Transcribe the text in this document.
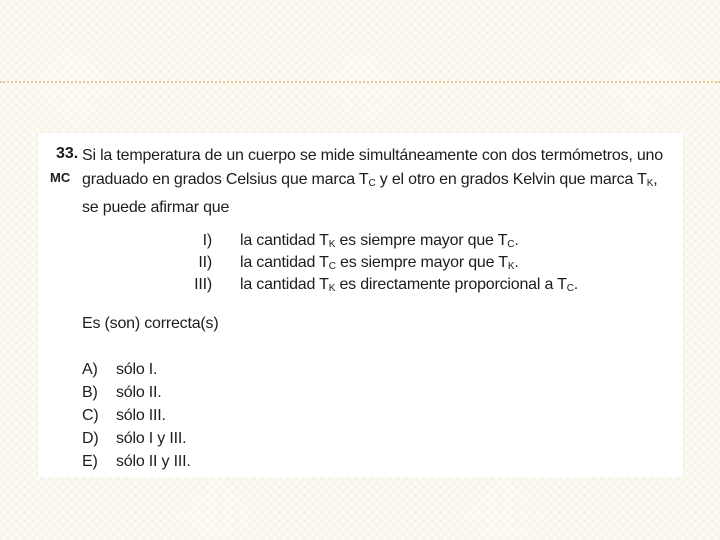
33.
MC
Si la temperatura de un cuerpo se mide simultáneamente con dos termómetros, uno graduado en grados Celsius que marca $T_C$ y el otro en grados Kelvin que marca $T_K$, se puede afirmar que
I) la cantidad $T_K$ es siempre mayor que $T_C$.
II) la cantidad $T_C$ es siempre mayor que $T_K$.
III) la cantidad $T_K$ es directamente proporcional a $T_C$.
Es (son) correcta(s)
A)	sólo I.
B)	sólo II.
C)	sólo III.
D)	sólo I y III.
E)	sólo II y III.
